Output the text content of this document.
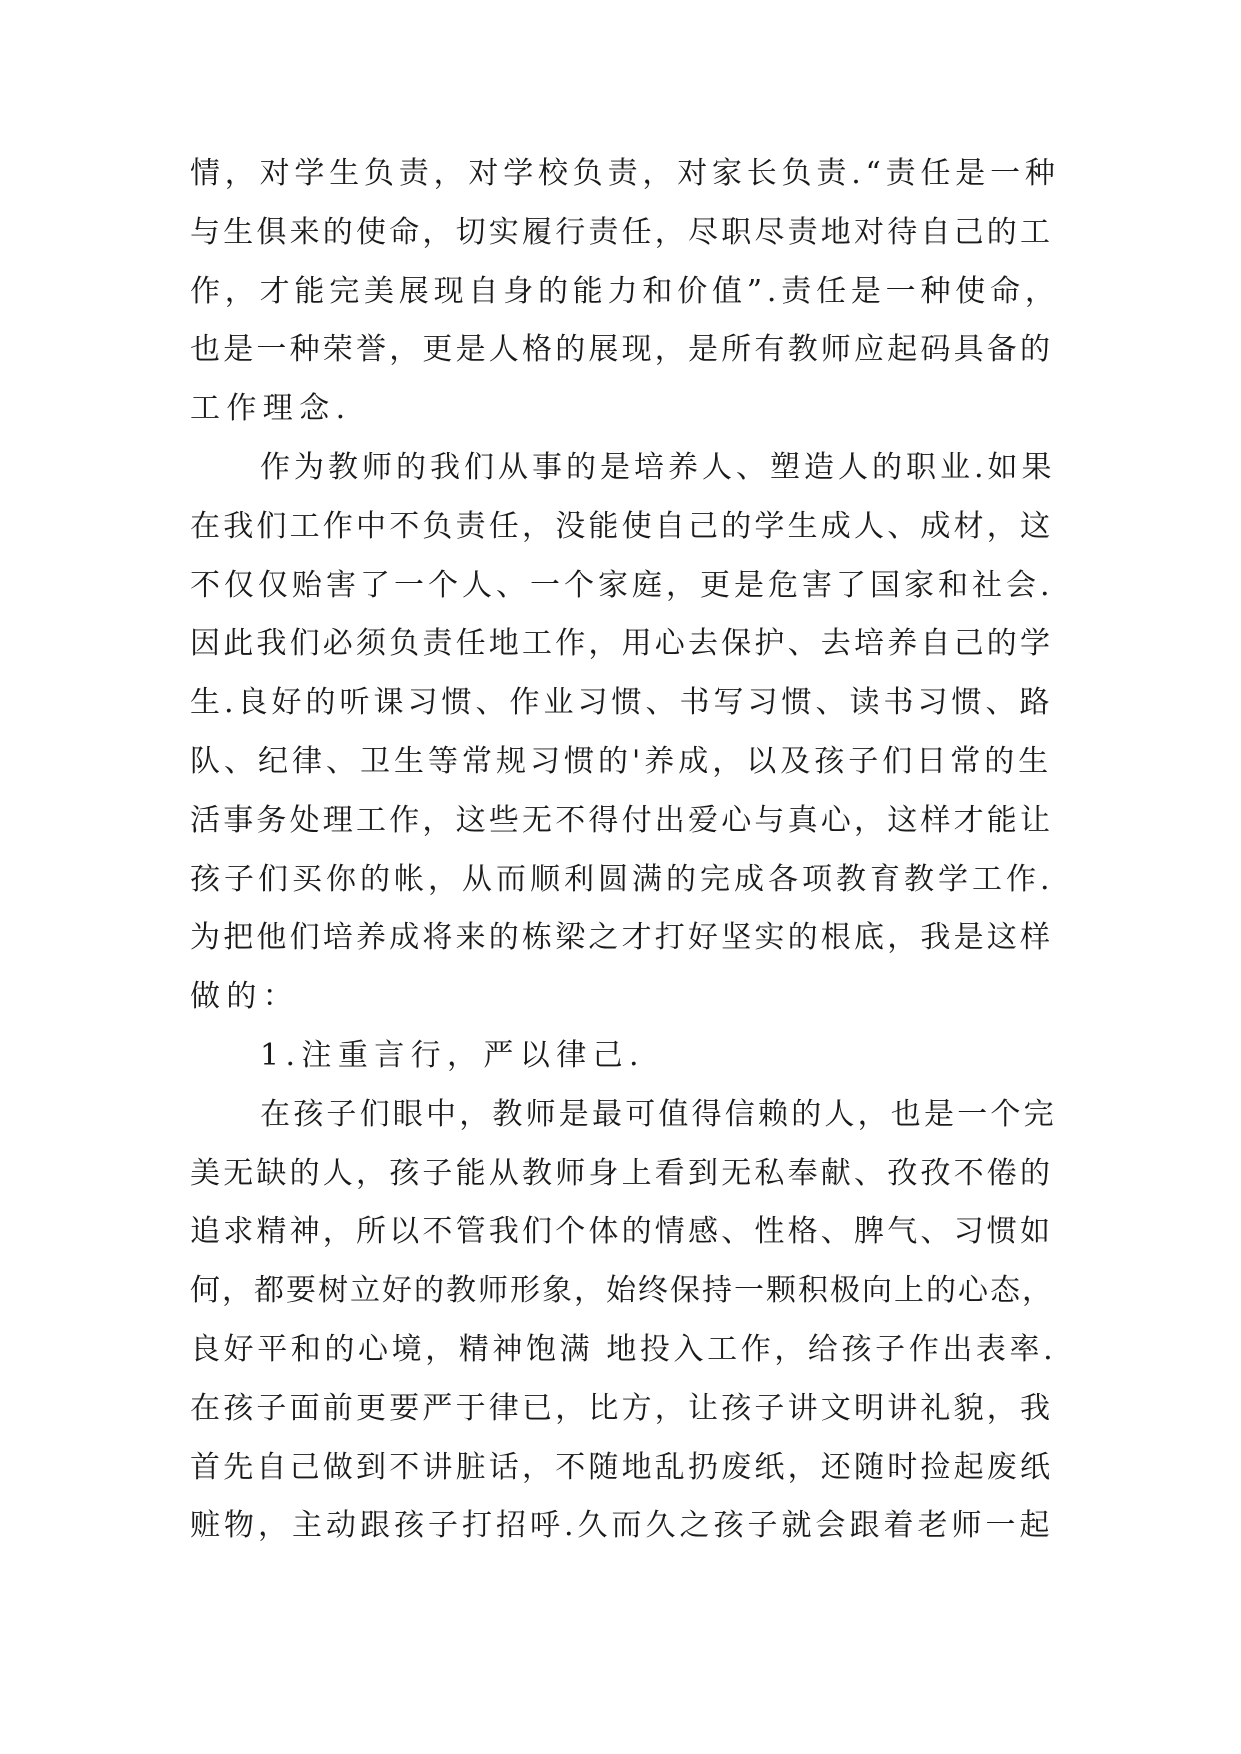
情，对学生负责，对学校负责，对家长负责.“责任是一种
与生俱来的使命，切实履行责任，尽职尽责地对待自己的工
作，才能完美展现自身的能力和价值”.责任是一种使命，
也是一种荣誉，更是人格的展现，是所有教师应起码具备的
工作理念.
作为教师的我们从事的是培养人、塑造人的职业.如果
在我们工作中不负责任，没能使自己的学生成人、成材，这
不仅仅贻害了一个人、一个家庭，更是危害了国家和社会.
因此我们必须负责任地工作，用心去保护、去培养自己的学
生.良好的听课习惯、作业习惯、书写习惯、读书习惯、路
队、纪律、卫生等常规习惯的'养成，以及孩子们日常的生
活事务处理工作，这些无不得付出爱心与真心，这样才能让
孩子们买你的帐，从而顺利圆满的完成各项教育教学工作.
为把他们培养成将来的栋梁之才打好坚实的根底，我是这样
做的：
1.注重言行，严以律己.
在孩子们眼中，教师是最可值得信赖的人，也是一个完
美无缺的人，孩子能从教师身上看到无私奉献、孜孜不倦的
追求精神，所以不管我们个体的情感、性格、脾气、习惯如
何，都要树立好的教师形象，始终保持一颗积极向上的心态，
良好平和的心境，精神饱满 地投入工作，给孩子作出表率.
在孩子面前更要严于律已，比方，让孩子讲文明讲礼貌，我
首先自己做到不讲脏话，不随地乱扔废纸，还随时捡起废纸
赃物，主动跟孩子打招呼.久而久之孩子就会跟着老师一起
